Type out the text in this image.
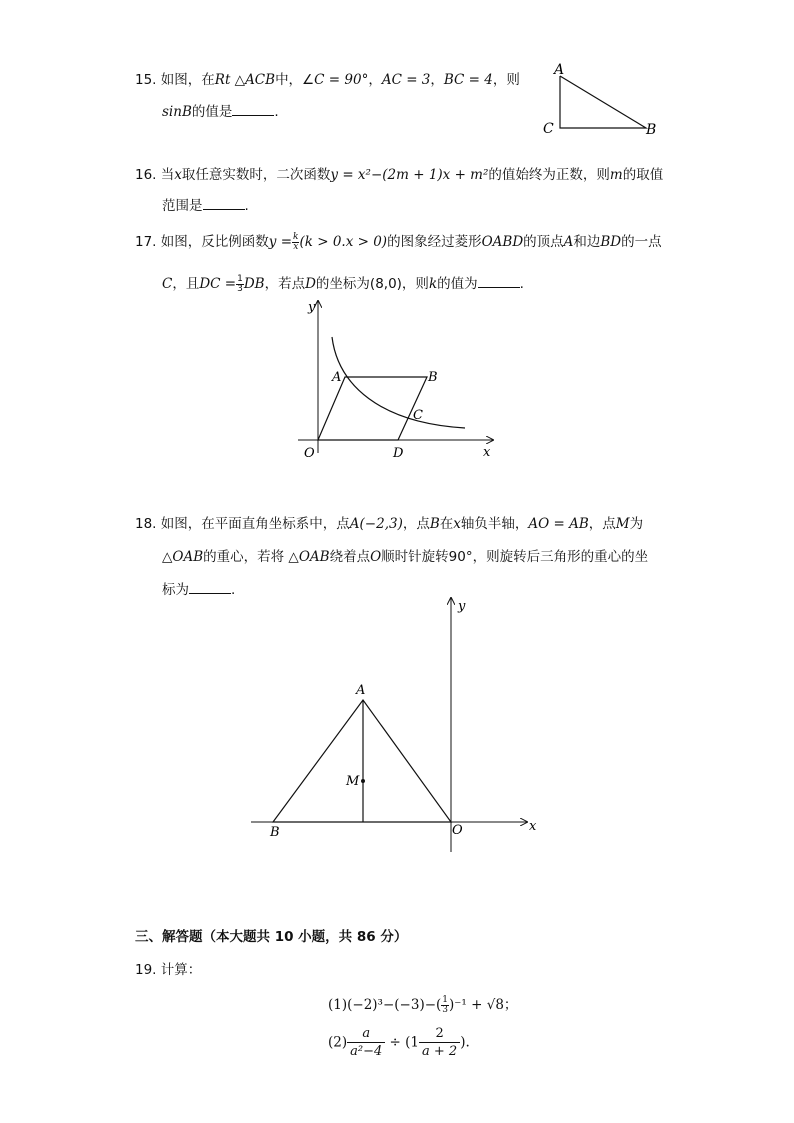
15. 如图，在Rt △ACB中，∠C = 90°，AC = 3，BC = 4，则
sinB的值是	.
A
C	B
16. 当x取任意实数时，二次函数y = x²−(2m + 1)x + m²的值始终为正数，则m的取值
范围是	.
17. 如图，反比例函数$y = \frac{k}{x} (k > 0.x > 0)$的图象经过菱形OABD的顶点A和边BD的一点
C，且DC = $\frac{1}{3}$ DB，若点D的坐标为(8,0)，则k的值为	.
y
x
O
A	B
C
D
18. 如图，在平面直角坐标系中，点A(−2,3)，点B在x轴负半轴，AO = AB，点M为
△OAB的重心，若将 △OAB绕着点O顺时针旋转90°，则旋转后三角形的重心的坐
标为	.
y
x
A
B	O
M
三、解答题（本大题共 10 小题，共 86 分）
19. 计算：
$(1)(-2)^3-(-3)-( \frac{1}{3} )^{-1} + √8$；
$(2) \frac{a}{\text{a²−4}} \div (1 \frac{2}{a + 2}$ ).
